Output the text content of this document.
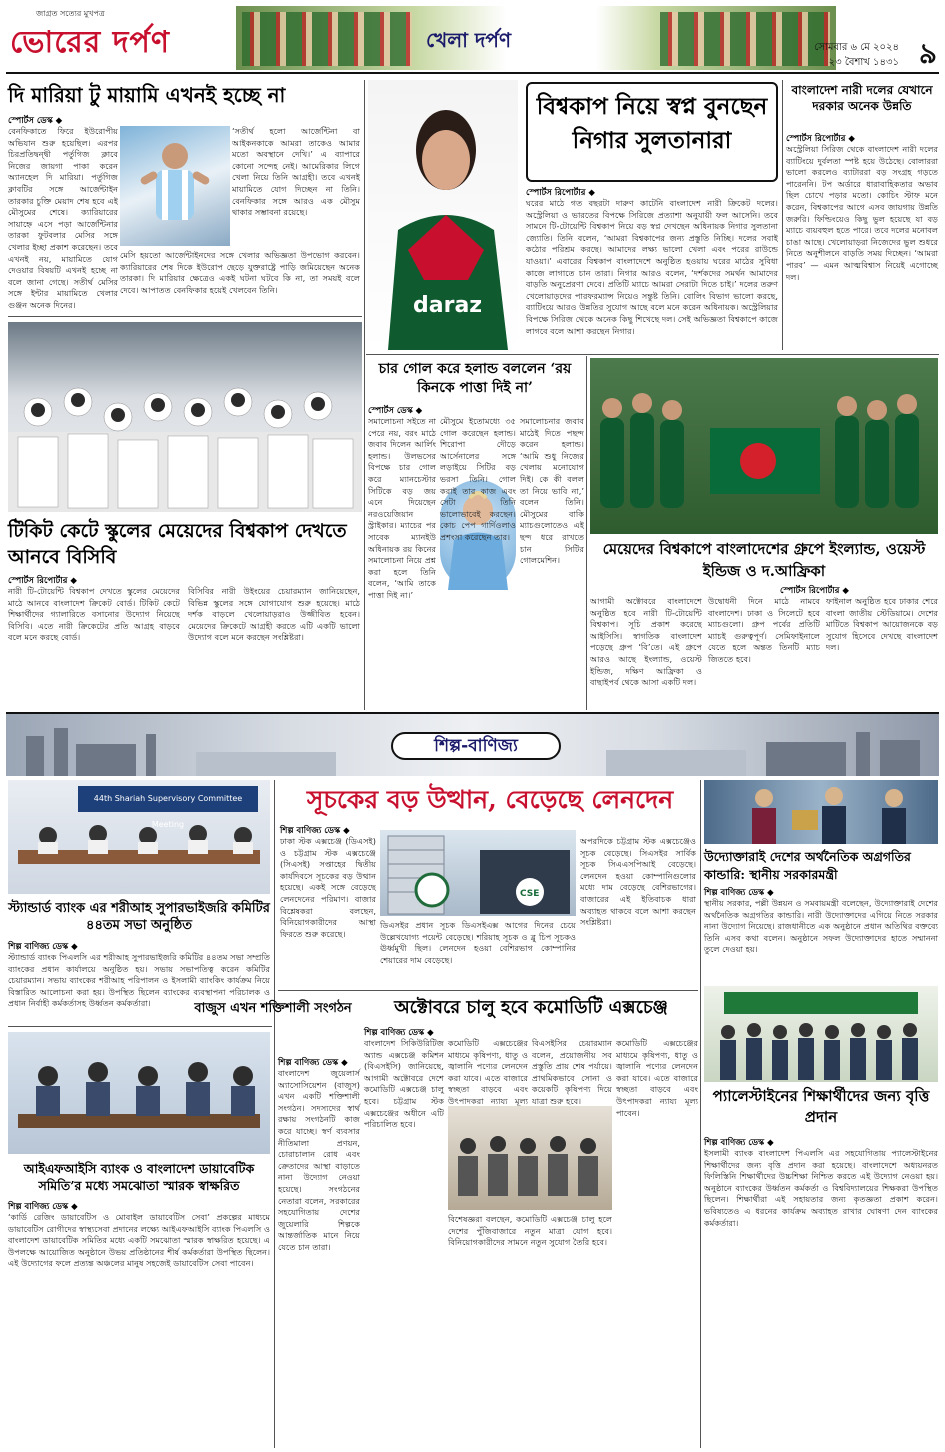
জাগ্রত সত্যের মুখপত্র
ভোরের দর্পণ	খেলা দর্পণ	সোমবার ৬ মে ২০২৪
২৩ বৈশাখ ১৪৩১ ৯
দি মারিয়া টু মায়ামি এখনই হচ্ছে না
স্পোর্টস ডেস্ক ◆
বেনফিকাতে ফিরে ইউরোপীয় অভিযান শুরু হয়েছিল। এরপর চিরপ্রতিদ্বন্দ্বী পর্তুগিজ ক্লাবে নিজের জায়গা পাকা করেন অ্যানহেল দি মারিয়া। পর্তুগিজ ক্লাবটির সঙ্গে আর্জেন্টাইন তারকার চুক্তি মেয়াদ শেষ হবে এই মৌসুমের শেষে। ক্যারিয়ারের সায়াহ্নে এসে পড়া আর্জেন্টিনার তারকা ফুটবলার মেসির সঙ্গে খেলার ইচ্ছা প্রকাশ করেছেন। তবে এখনই নয়, মায়ামিতে যোগ দেওয়ার বিষয়টি এখনই হচ্ছে না বলে জানা গেছে। সতীর্থ মেসির সঙ্গে ইন্টার মায়ামিতে খেলার গুঞ্জন অনেক দিনের।
‘সতীর্থ হলো আর্জেন্টিনা বা আইকনকাকে আমরা তাকেও আমার মতো অবস্থানে দেখি।’ এ ব্যাপারে কোনো সন্দেহ নেই। আমেরিকার লিগে খেলা নিয়ে তিনি আগ্রহী। তবে এখনই মায়ামিতে যোগ দিচ্ছেন না তিনি। বেনফিকার সঙ্গে আরও এক মৌসুম থাকার সম্ভাবনা রয়েছে।
মেসি হয়তো আর্জেন্টাইনদের সঙ্গে খেলার অভিজ্ঞতা উপভোগ করবেন। ক্যারিয়ারের শেষ দিকে ইউরোপ ছেড়ে যুক্তরাষ্ট্রে পাড়ি জমিয়েছেন অনেক তারকা। দি মারিয়ার ক্ষেত্রেও একই ঘটনা ঘটবে কি না, তা সময়ই বলে দেবে। আপাতত বেনফিকার হয়েই খেলবেন তিনি।
daraz
বিশ্বকাপ নিয়ে স্বপ্ন বুনছেন নিগার সুলতানারা
স্পোর্টস রিপোর্টার ◆
ঘরের মাঠে গত বছরটা দারুণ কাটেনি বাংলাদেশ নারী ক্রিকেট দলের। অস্ট্রেলিয়া ও ভারতের বিপক্ষে সিরিজে প্রত্যাশা অনুযায়ী ফল আসেনি। তবে সামনে টি-টোয়েন্টি বিশ্বকাপ নিয়ে বড় স্বপ্ন দেখছেন অধিনায়ক নিগার সুলতানা জ্যোতি। তিনি বলেন, ‘আমরা বিশ্বকাপের জন্য প্রস্তুতি নিচ্ছি। দলের সবাই কঠোর পরিশ্রম করছে। আমাদের লক্ষ্য ভালো খেলা এবং পরের রাউন্ডে যাওয়া।’ এবারের বিশ্বকাপ বাংলাদেশে অনুষ্ঠিত হওয়ায় ঘরের মাঠের সুবিধা কাজে লাগাতে চান তারা। নিগার আরও বলেন, ‘দর্শকদের সমর্থন আমাদের বাড়তি অনুপ্রেরণা দেবে। প্রতিটি ম্যাচে আমরা সেরাটা দিতে চাই।’ দলের তরুণ খেলোয়াড়দের পারফরম্যান্স নিয়েও সন্তুষ্ট তিনি। বোলিং বিভাগ ভালো করছে, ব্যাটিংয়ে আরও উন্নতির সুযোগ আছে বলে মনে করেন অধিনায়ক। অস্ট্রেলিয়ার বিপক্ষে সিরিজ থেকে অনেক কিছু শিখেছে দল। সেই অভিজ্ঞতা বিশ্বকাপে কাজে লাগবে বলে আশা করছেন নিগার।
বাংলাদেশ নারী দলের যেখানে দরকার অনেক উন্নতি
স্পোর্টস রিপোর্টার ◆
অস্ট্রেলিয়া সিরিজ থেকে বাংলাদেশ নারী দলের ব্যাটিংয়ে দুর্বলতা স্পষ্ট হয়ে উঠেছে। বোলাররা ভালো করলেও ব্যাটাররা বড় সংগ্রহ গড়তে পারেননি। টপ অর্ডারে ধারাবাহিকতার অভাব ছিল চোখে পড়ার মতো। কোচিং স্টাফ মনে করেন, বিশ্বকাপের আগে এসব জায়গায় উন্নতি জরুরি। ফিল্ডিংয়েও কিছু ভুল হয়েছে যা বড় ম্যাচে ব্যয়বহুল হতে পারে। তবে দলের মনোবল চাঙা আছে। খেলোয়াড়রা নিজেদের ভুল শুধরে নিতে অনুশীলনে বাড়তি সময় দিচ্ছেন। ‘আমরা পারব’ — এমন আত্মবিশ্বাস নিয়েই এগোচ্ছে দল।
টিকিট কেটে স্কুলের মেয়েদের বিশ্বকাপ দেখতে আনবে বিসিবি
স্পোর্টস রিপোর্টার ◆
নারী টি-টোয়েন্টি বিশ্বকাপ দেখতে স্কুলের মেয়েদের মাঠে আনবে বাংলাদেশ ক্রিকেট বোর্ড। টিকিট কেটে শিক্ষার্থীদের গ্যালারিতে বসানোর উদ্যোগ নিয়েছে বিসিবি। এতে নারী ক্রিকেটের প্রতি আগ্রহ বাড়বে বলে মনে করছে বোর্ড।
বিসিবির নারী উইংয়ের চেয়ারম্যান জানিয়েছেন, বিভিন্ন স্কুলের সঙ্গে যোগাযোগ শুরু হয়েছে। মাঠে দর্শক বাড়লে খেলোয়াড়রাও উজ্জীবিত হবেন। মেয়েদের ক্রিকেটে আগ্রহী করতে এটি একটি ভালো উদ্যোগ বলে মনে করছেন সংশ্লিষ্টরা।
চার গোল করে হলান্ড বললেন ‘রয় কিনকে পাত্তা দিই না’
স্পোর্টস ডেস্ক ◆
সমালোচনা সইতে না পেরে নয়, বরং মাঠে জবাব দিলেন আর্লিং হলান্ড। উলভসের বিপক্ষে চার গোল করে ম্যানচেস্টার সিটিকে বড় জয় এনে দিয়েছেন নরওয়েজিয়ান স্ট্রাইকার। ম্যাচের পর সাবেক ম্যানইউ অধিনায়ক রয় কিনের সমালোচনা নিয়ে প্রশ্ন করা হলে তিনি বলেন, ‘আমি তাকে পাত্তা দিই না।’
মৌসুমে ইতোমধ্যে ৩৫ গোল করেছেন হলান্ড। শিরোপা দৌড়ে আর্সেনালের সঙ্গে লড়াইয়ে সিটির বড় ভরসা তিনি। গোল করাই তার কাজ এবং সেটা তিনি ভালোভাবেই করছেন। কোচ পেপ গার্দিওলাও প্রশংসা করেছেন তার।
সমালোচনার জবাব মাঠেই দিতে পছন্দ করেন হলান্ড। ‘আমি শুধু নিজের খেলায় মনোযোগ দিই। কে কী বলল তা নিয়ে ভাবি না,’ বলেন তিনি। মৌসুমের বাকি ম্যাচগুলোতেও এই ছন্দ ধরে রাখতে চান সিটির গোলমেশিন।
মেয়েদের বিশ্বকাপে বাংলাদেশের গ্রুপে ইংল্যান্ড, ওয়েস্ট ইন্ডিজ ও দ.আফ্রিকা
স্পোর্টস রিপোর্টার ◆
আগামী অক্টোবরে বাংলাদেশে অনুষ্ঠিত হবে নারী টি-টোয়েন্টি বিশ্বকাপ। সূচি প্রকাশ করেছে আইসিসি। স্বাগতিক বাংলাদেশ পড়েছে গ্রুপ ‘বি’তে। এই গ্রুপে আরও আছে ইংল্যান্ড, ওয়েস্ট ইন্ডিজ, দক্ষিণ আফ্রিকা ও বাছাইপর্ব থেকে আসা একটি দল।
উদ্বোধনী দিনে মাঠে নামবে বাংলাদেশ। ঢাকা ও সিলেটে হবে ম্যাচগুলো। গ্রুপ পর্বের প্রতিটি ম্যাচই গুরুত্বপূর্ণ। সেমিফাইনালে যেতে হলে অন্তত তিনটি ম্যাচ জিততে হবে।
ফাইনাল অনুষ্ঠিত হবে ঢাকার শেরে বাংলা জাতীয় স্টেডিয়ামে। দেশের মাটিতে বিশ্বকাপ আয়োজনকে বড় সুযোগ হিসেবে দেখছে বাংলাদেশ দল।
শিল্প-বাণিজ্য
44th Shariah Supervisory Committee Meeting
স্ট্যান্ডার্ড ব্যাংক এর শরীআহ সুপারভাইজরি কমিটির ৪৪তম সভা অনুষ্ঠিত
শিল্প বাণিজ্য ডেস্ক ◆
স্ট্যান্ডার্ড ব্যাংক পিএলসি এর শরীআহ সুপারভাইজরি কমিটির ৪৪তম সভা সম্প্রতি ব্যাংকের প্রধান কার্যালয়ে অনুষ্ঠিত হয়। সভায় সভাপতিত্ব করেন কমিটির চেয়ারম্যান। সভায় ব্যাংকের শরীআহ পরিপালন ও ইসলামী ব্যাংকিং কার্যক্রম নিয়ে বিস্তারিত আলোচনা করা হয়। উপস্থিত ছিলেন ব্যাংকের ব্যবস্থাপনা পরিচালক ও প্রধান নির্বাহী কর্মকর্তাসহ উর্ধ্বতন কর্মকর্তারা।	বাজুস এখন শক্তিশালী সংগঠন
শিল্প বাণিজ্য ডেস্ক ◆
বাংলাদেশ জুয়েলার্স অ্যাসোসিয়েশন (বাজুস) এখন একটি শক্তিশালী সংগঠন। সদস্যদের স্বার্থ রক্ষায় সংগঠনটি কাজ করে যাচ্ছে। স্বর্ণ ব্যবসার নীতিমালা প্রণয়ন, চোরাচালান রোধ এবং ক্রেতাদের আস্থা বাড়াতে নানা উদ্যোগ নেওয়া হয়েছে। সংগঠনের নেতারা বলেন, সরকারের সহযোগিতায় দেশের জুয়েলারি শিল্পকে আন্তর্জাতিক মানে নিয়ে যেতে চান তারা।
আইএফআইসি ব্যাংক ও বাংলাদেশ ডায়াবেটিক সমিতি’র মধ্যে সমঝোতা স্মারক স্বাক্ষরিত
শিল্প বাণিজ্য ডেস্ক ◆
‘কার্ডি রেজিং ডায়াবেটিস ও মোবাইল ডায়াবেটিস সেবা’ প্রকল্পের মাধ্যমে ডায়াবেটিস রোগীদের স্বাস্থ্যসেবা প্রদানের লক্ষ্যে আইএফআইসি ব্যাংক পিএলসি ও বাংলাদেশ ডায়াবেটিক সমিতির মধ্যে একটি সমঝোতা স্মারক স্বাক্ষরিত হয়েছে। এ উপলক্ষে আয়োজিত অনুষ্ঠানে উভয় প্রতিষ্ঠানের শীর্ষ কর্মকর্তারা উপস্থিত ছিলেন। এই উদ্যোগের ফলে প্রত্যন্ত অঞ্চলের মানুষ সহজেই ডায়াবেটিস সেবা পাবেন।
সূচকের বড় উত্থান, বেড়েছে লেনদেন
শিল্প বাণিজ্য ডেস্ক ◆
ঢাকা স্টক এক্সচেঞ্জ (ডিএসই) ও চট্টগ্রাম স্টক এক্সচেঞ্জে (সিএসই) সপ্তাহের দ্বিতীয় কার্যদিবসে সূচকের বড় উত্থান হয়েছে। একই সঙ্গে বেড়েছে লেনদেনের পরিমাণ। বাজার বিশ্লেষকরা বলছেন, বিনিয়োগকারীদের আস্থা ফিরতে শুরু করেছে।
CSE
ডিএসইর প্রধান সূচক ডিএসইএক্স আগের দিনের চেয়ে উল্লেখযোগ্য পয়েন্ট বেড়েছে। শরিয়াহ সূচক ও ব্লু চিপ সূচকও ঊর্ধ্বমুখী ছিল। লেনদেন হওয়া বেশিরভাগ কোম্পানির শেয়ারের দাম বেড়েছে।
অপরদিকে চট্টগ্রাম স্টক এক্সচেঞ্জেও সূচক বেড়েছে। সিএসইর সার্বিক সূচক সিএএসপিআই বেড়েছে। লেনদেন হওয়া কোম্পানিগুলোর মধ্যে দাম বেড়েছে বেশিরভাগের। বাজারের এই ইতিবাচক ধারা অব্যাহত থাকবে বলে আশা করছেন সংশ্লিষ্টরা।
অক্টোবরে চালু হবে কমোডিটি এক্সচেঞ্জ
শিল্প বাণিজ্য ডেস্ক ◆
বাংলাদেশ সিকিউরিটিজ অ্যান্ড এক্সচেঞ্জ কমিশন (বিএসইসি) জানিয়েছে, আগামী অক্টোবরে দেশে কমোডিটি এক্সচেঞ্জ চালু হবে। চট্টগ্রাম স্টক এক্সচেঞ্জের অধীনে এটি পরিচালিত হবে।
কমোডিটি এক্সচেঞ্জের মাধ্যমে কৃষিপণ্য, ধাতু ও জ্বালানি পণ্যের লেনদেন করা যাবে। এতে বাজারে স্বচ্ছতা বাড়বে এবং উৎপাদকরা ন্যায্য মূল্য
বিএসইসির চেয়ারম্যান বলেন, প্রয়োজনীয় সব প্রস্তুতি প্রায় শেষ পর্যায়ে। প্রাথমিকভাবে সোনা ও কয়েকটি কৃষিপণ্য দিয়ে যাত্রা শুরু হবে।
বিশেষজ্ঞরা বলছেন, কমোডিটি এক্সচেঞ্জ চালু হলে দেশের পুঁজিবাজারে নতুন মাত্রা যোগ হবে। বিনিয়োগকারীদের সামনে নতুন সুযোগ তৈরি হবে।
কমোডিটি এক্সচেঞ্জের মাধ্যমে কৃষিপণ্য, ধাতু ও জ্বালানি পণ্যের লেনদেন করা যাবে। এতে বাজারে স্বচ্ছতা বাড়বে এবং উৎপাদকরা ন্যায্য মূল্য পাবেন।
উদ্যোক্তারাই দেশের অর্থনৈতিক অগ্রগতির কান্ডারি: স্থানীয় সরকারমন্ত্রী
শিল্প বাণিজ্য ডেস্ক ◆
স্থানীয় সরকার, পল্লী উন্নয়ন ও সমবায়মন্ত্রী বলেছেন, উদ্যোক্তারাই দেশের অর্থনৈতিক অগ্রগতির কান্ডারি। নারী উদ্যোক্তাদের এগিয়ে নিতে সরকার নানা উদ্যোগ নিয়েছে। রাজধানীতে এক অনুষ্ঠানে প্রধান অতিথির বক্তব্যে তিনি এসব কথা বলেন। অনুষ্ঠানে সফল উদ্যোক্তাদের হাতে সম্মাননা তুলে দেওয়া হয়।
প্যালেস্টাইনের শিক্ষার্থীদের জন্য বৃত্তি প্রদান
শিল্প বাণিজ্য ডেস্ক ◆
ইসলামী ব্যাংক বাংলাদেশ পিএলসি এর সহযোগিতায় প্যালেস্টাইনের শিক্ষার্থীদের জন্য বৃত্তি প্রদান করা হয়েছে। বাংলাদেশে অধ্যয়নরত ফিলিস্তিনি শিক্ষার্থীদের উচ্চশিক্ষা নিশ্চিত করতে এই উদ্যোগ নেওয়া হয়। অনুষ্ঠানে ব্যাংকের উর্ধ্বতন কর্মকর্তা ও বিশ্ববিদ্যালয়ের শিক্ষকরা উপস্থিত ছিলেন। শিক্ষার্থীরা এই সহায়তার জন্য কৃতজ্ঞতা প্রকাশ করেন। ভবিষ্যতেও এ ধরনের কার্যক্রম অব্যাহত রাখার ঘোষণা দেন ব্যাংকের কর্মকর্তারা।
